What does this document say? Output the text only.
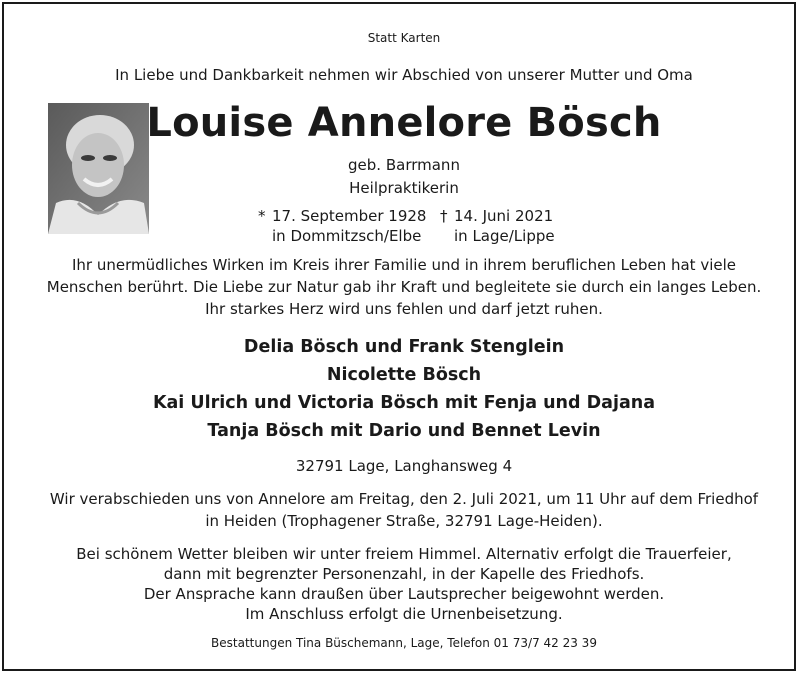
Statt Karten
In Liebe und Dankbarkeit nehmen wir Abschied von unserer Mutter und Oma
Louise Annelore Bösch
geb. Barrmann
Heilpraktikerin
* 17. September 1928
in Dommitzsch/Elbe
† 14. Juni 2021
in Lage/Lippe
Ihr unermüdliches Wirken im Kreis ihrer Familie und in ihrem beruflichen Leben hat viele
Menschen berührt. Die Liebe zur Natur gab ihr Kraft und begleitete sie durch ein langes Leben.
Ihr starkes Herz wird uns fehlen und darf jetzt ruhen.
Delia Bösch und Frank Stenglein
Nicolette Bösch
Kai Ulrich und Victoria Bösch mit Fenja und Dajana
Tanja Bösch mit Dario und Bennet Levin
32791 Lage, Langhansweg 4
Wir verabschieden uns von Annelore am Freitag, den 2. Juli 2021, um 11 Uhr auf dem Friedhof
in Heiden (Trophagener Straße, 32791 Lage-Heiden).
Bei schönem Wetter bleiben wir unter freiem Himmel. Alternativ erfolgt die Trauerfeier,
dann mit begrenzter Personenzahl, in der Kapelle des Friedhofs.
Der Ansprache kann draußen über Lautsprecher beigewohnt werden.
Im Anschluss erfolgt die Urnenbeisetzung.
Bestattungen Tina Büschemann, Lage, Telefon 01 73/7 42 23 39
